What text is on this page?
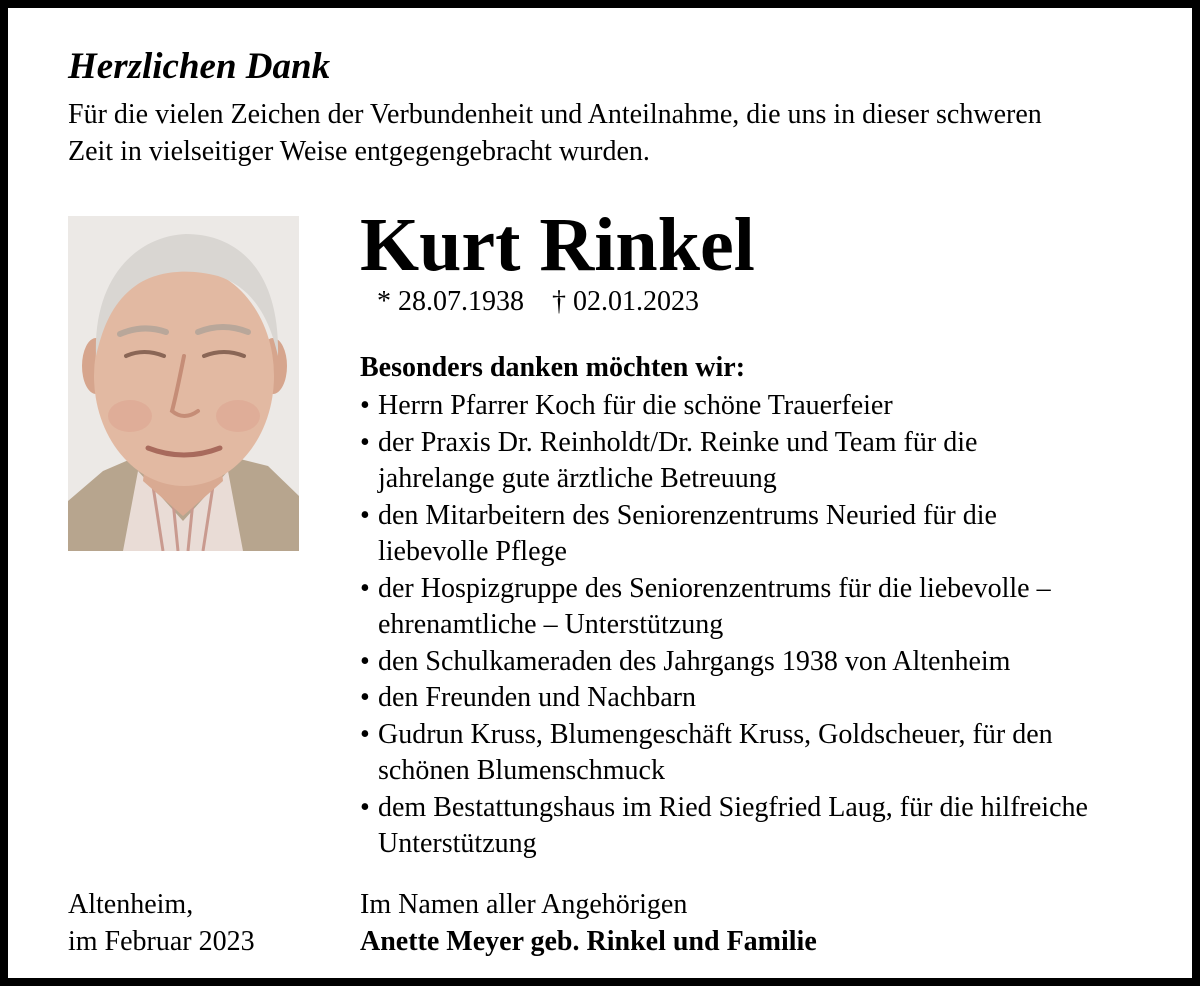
Herzlichen Dank
Für die vielen Zeichen der Verbundenheit und Anteilnahme, die uns in dieser schweren
Zeit in vielseitiger Weise entgegengebracht wurden.
Kurt Rinkel
* 28.07.1938 † 02.01.2023
Besonders danken möchten wir:
• Herrn Pfarrer Koch für die schöne Trauerfeier
• der Praxis Dr. Reinholdt/Dr. Reinke und Team für die
jahrelange gute ärztliche Betreuung
• den Mitarbeitern des Seniorenzentrums Neuried für die
liebevolle Pflege
• der Hospizgruppe des Seniorenzentrums für die liebevolle –
ehrenamtliche – Unterstützung
• den Schulkameraden des Jahrgangs 1938 von Altenheim
• den Freunden und Nachbarn
• Gudrun Kruss, Blumengeschäft Kruss, Goldscheuer, für den
schönen Blumenschmuck
• dem Bestattungshaus im Ried Siegfried Laug, für die hilfreiche
Unterstützung
Altenheim,
im Februar 2023
Im Namen aller Angehörigen
Anette Meyer geb. Rinkel und Familie
